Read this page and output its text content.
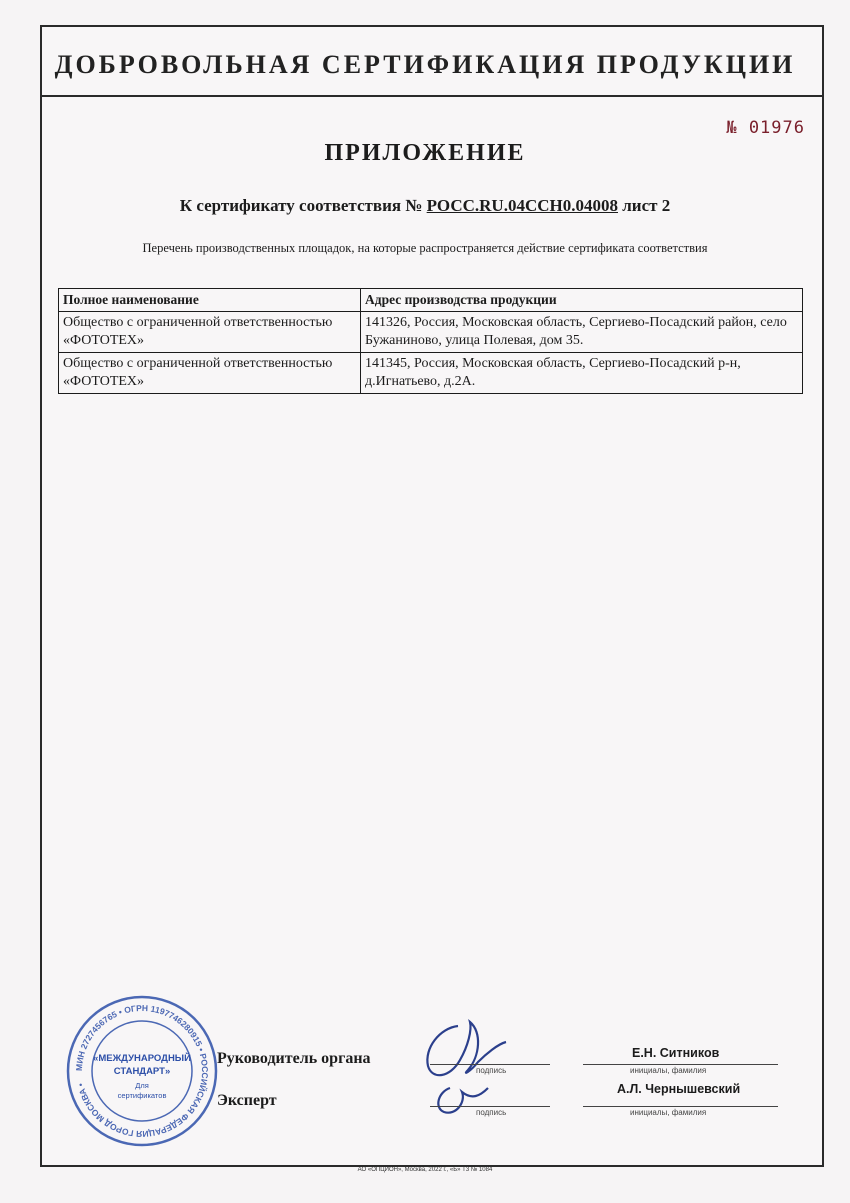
ДОБРОВОЛЬНАЯ СЕРТИФИКАЦИЯ ПРОДУКЦИИ
№ 01976
ПРИЛОЖЕНИЕ
К сертификату соответствия № РОСС.RU.04ССН0.04008 лист 2
Перечень производственных площадок, на которые распространяется действие сертификата соответствия
Полное наименование	Адрес производства продукции
Общество с ограниченной ответственностью «ФОТОТЕХ»	141326, Россия, Московская область, Сергиево-Посадский район, село Бужаниново, улица Полевая, дом 35.
Общество с ограниченной ответственностью «ФОТОТЕХ»	141345, Россия, Московская область, Сергиево-Посадский р-н, д.Игнатьево, д.2А.
МИН 2727456765 • ОГРН 1197746280915 • РОССИЙСКАЯ ФЕДЕРАЦИЯ ГОРОД МОСКВА •
«МЕЖДУНАРОДНЫЙ
СТАНДАРТ»
Для
сертификатов
Руководитель органа
подпись
Е.Н. Ситников
инициалы, фамилия
Эксперт
подпись
А.Л. Чернышевский
инициалы, фамилия
АО «ОПЦИОН», Москва, 2022 г., «Б» Т3 № 1084
